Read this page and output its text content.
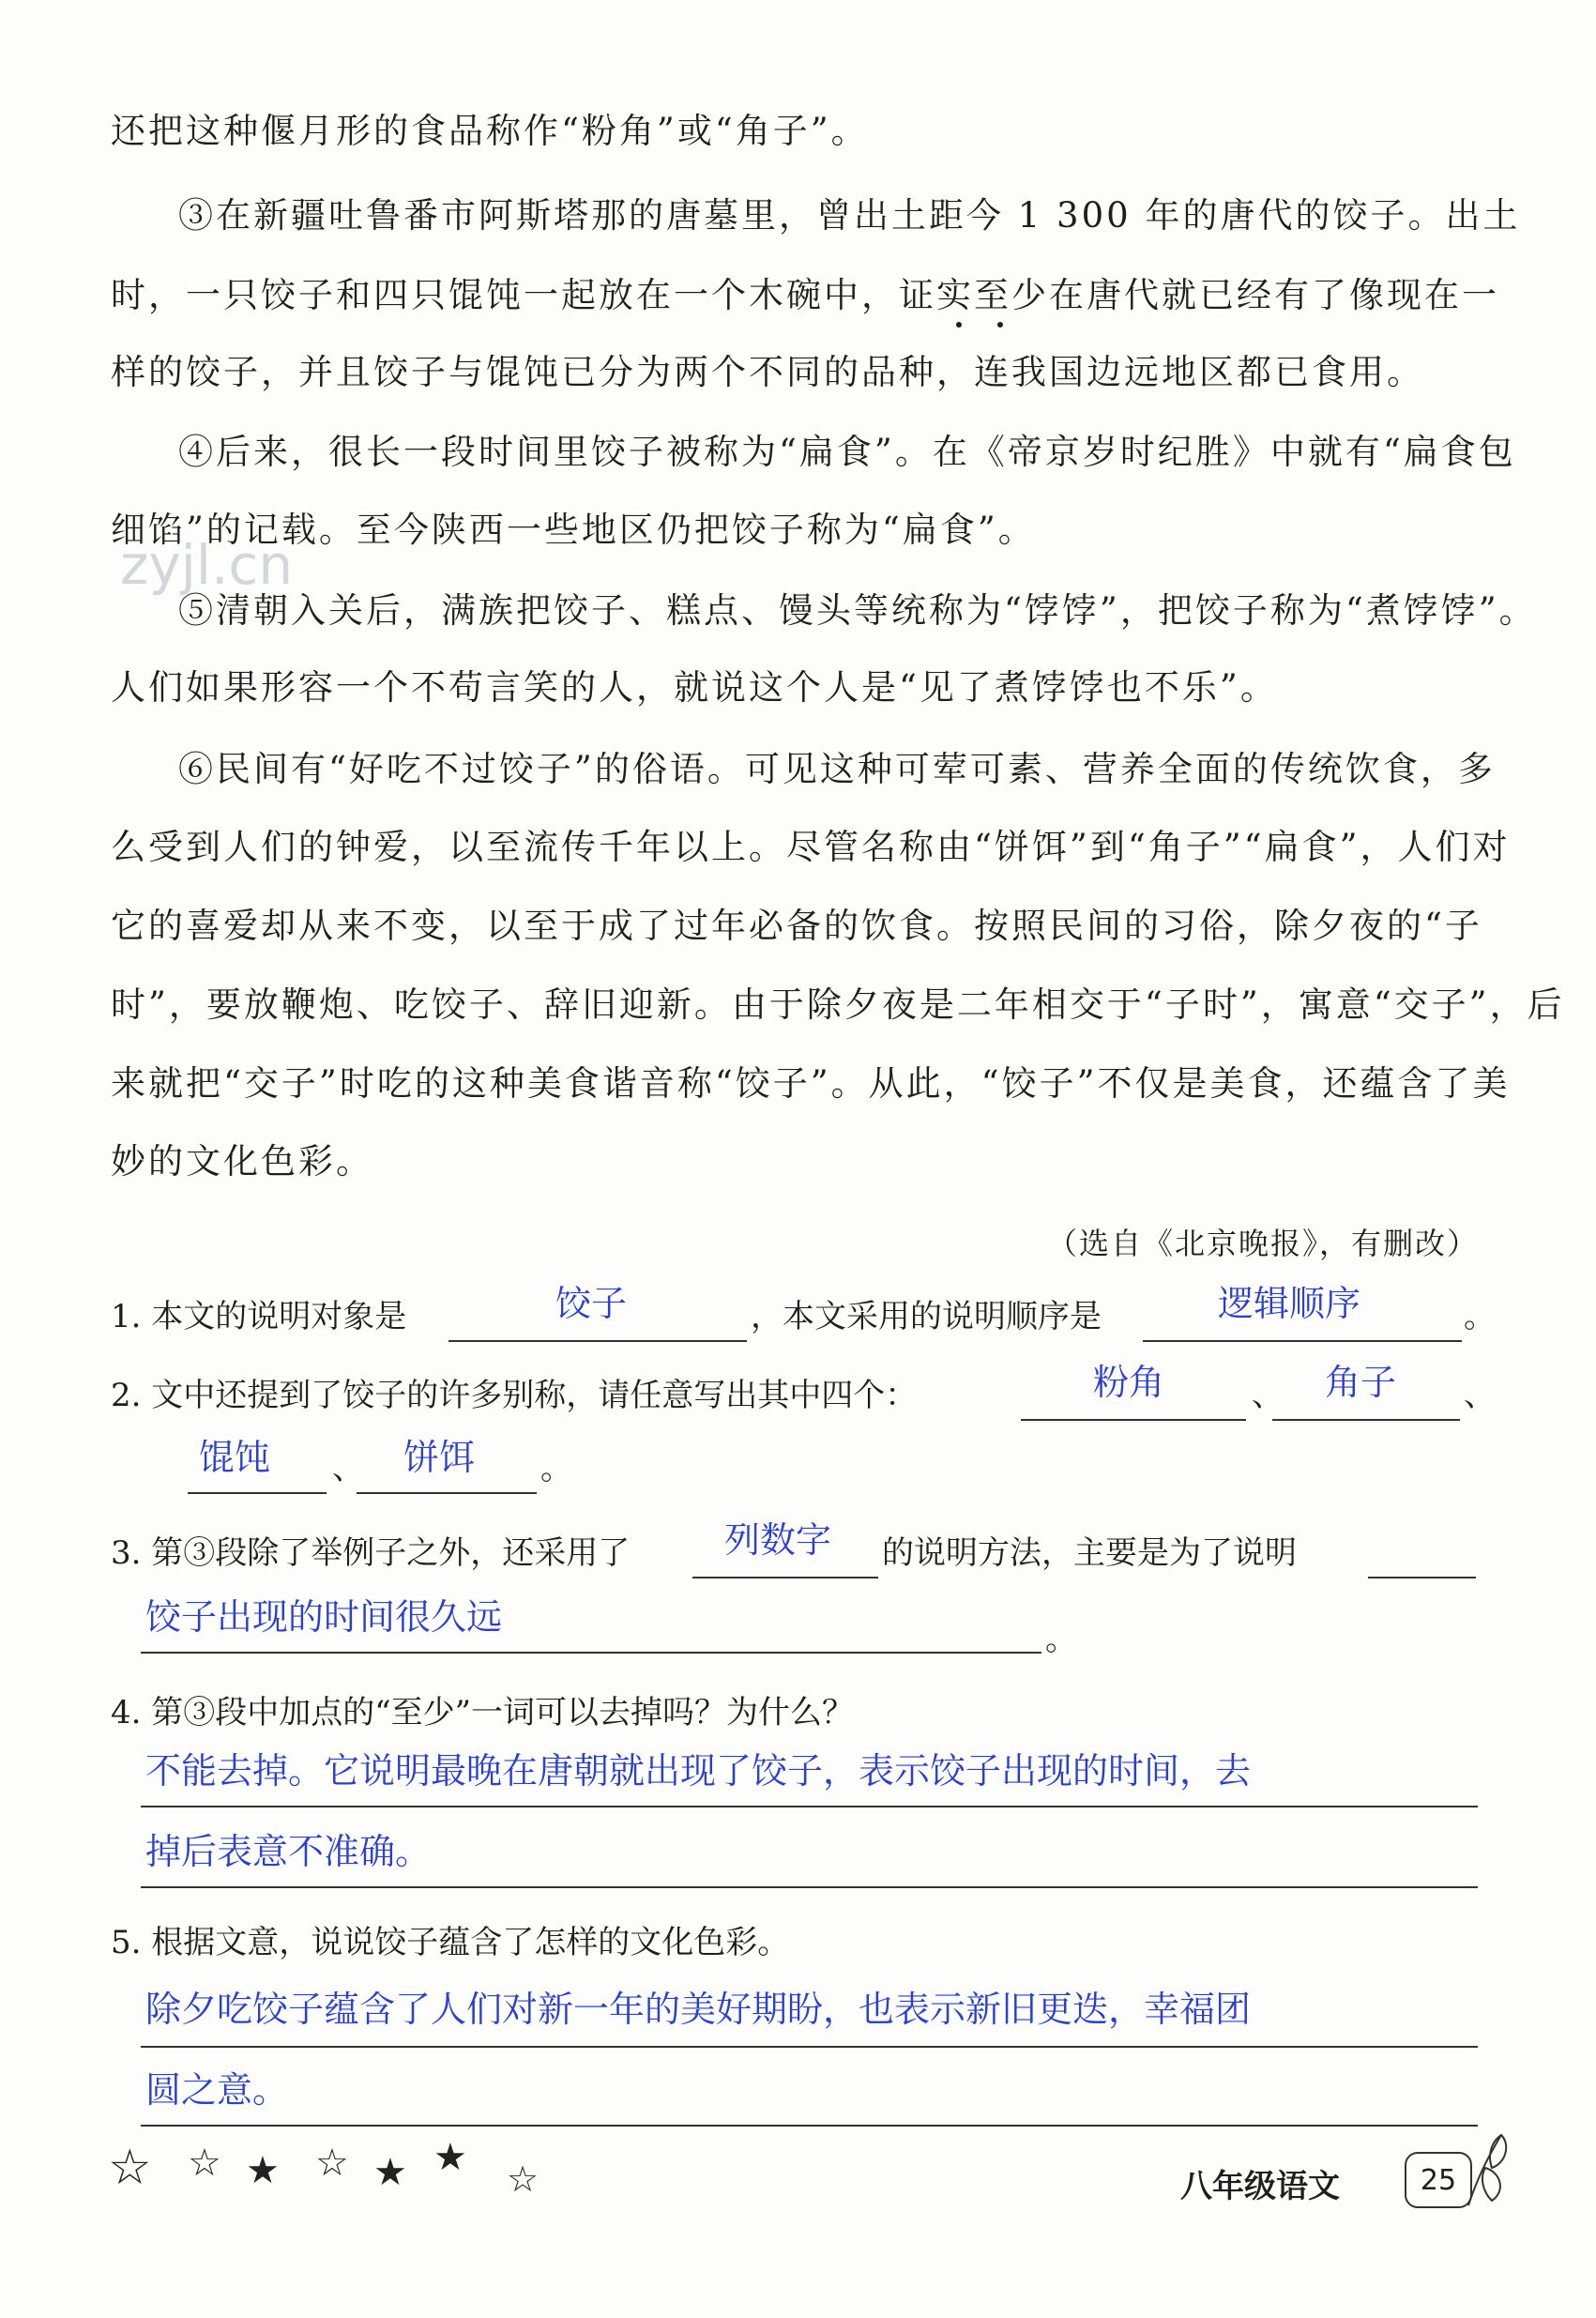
zyjl.cn
还把这种偃月形的食品称作“粉角”或“角子”。
③在新疆吐鲁番市阿斯塔那的唐墓里，曾出土距今 1 300 年的唐代的饺子。出土
时，一只饺子和四只馄饨一起放在一个木碗中，证实至少在唐代就已经有了像现在一
样的饺子，并且饺子与馄饨已分为两个不同的品种，连我国边远地区都已食用。
④后来，很长一段时间里饺子被称为“扁食”。在《帝京岁时纪胜》中就有“扁食包
细馅”的记载。至今陕西一些地区仍把饺子称为“扁食”。
⑤清朝入关后，满族把饺子、糕点、馒头等统称为“饽饽”，把饺子称为“煮饽饽”。
人们如果形容一个不苟言笑的人，就说这个人是“见了煮饽饽也不乐”。
⑥民间有“好吃不过饺子”的俗语。可见这种可荤可素、营养全面的传统饮食，多
么受到人们的钟爱，以至流传千年以上。尽管名称由“饼饵”到“角子”“扁食”，人们对
它的喜爱却从来不变，以至于成了过年必备的饮食。按照民间的习俗，除夕夜的“子
时”，要放鞭炮、吃饺子、辞旧迎新。由于除夕夜是二年相交于“子时”，寓意“交子”，后
来就把“交子”时吃的这种美食谐音称“饺子”。从此，“饺子”不仅是美食，还蕴含了美
妙的文化色彩。
（选自《北京晚报》，有删改）
1. 本文的说明对象是	饺子	，本文采用的说明顺序是	逻辑顺序	。
2. 文中还提到了饺子的许多别称，请任意写出其中四个：	粉角	、 角子 、
馄饨 、 饼饵 。
3. 第③段除了举例子之外，还采用了	列数字 的说明方法，主要是为了说明
饺子出现的时间很久远
。
4. 第③段中加点的“至少”一词可以去掉吗？为什么？
不能去掉。它说明最晚在唐朝就出现了饺子，表示饺子出现的时间，去
掉后表意不准确。
5. 根据文意，说说饺子蕴含了怎样的文化色彩。
除夕吃饺子蕴含了人们对新一年的美好期盼，也表示新旧更迭，幸福团
圆之意。
☆ ☆ ★ ☆ ★ ★ ☆	八年级语文	25
